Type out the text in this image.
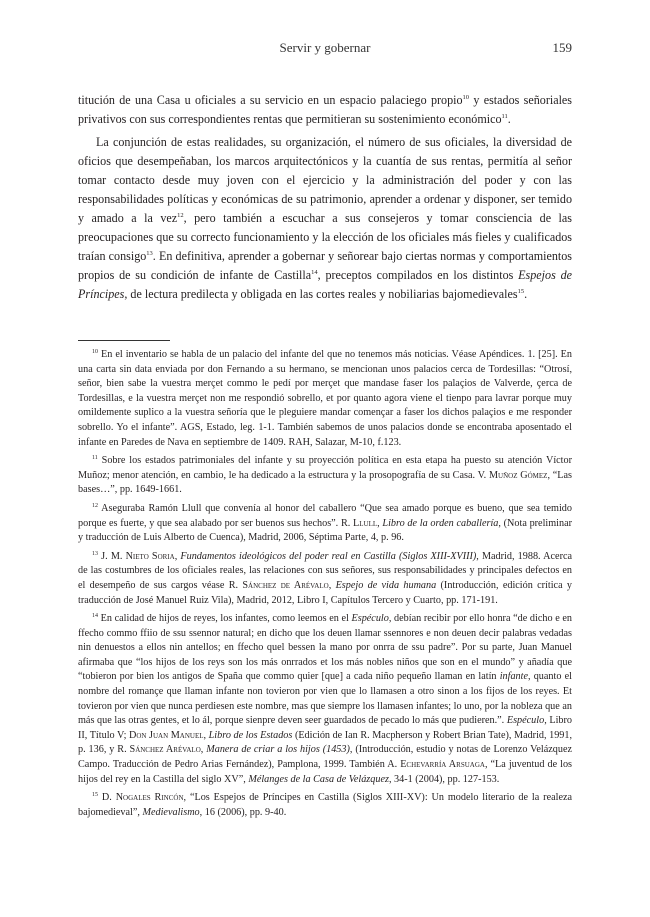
Servir y gobernar	159

titución de una Casa u oficiales a su servicio en un espacio palaciego propio$^{10}$ y estados señoriales privativos con sus correspondientes rentas que permitieran su sostenimiento económico$^{11}$.

La conjunción de estas realidades, su organización, el número de sus oficiales, la diversidad de oficios que desempeñaban, los marcos arquitectónicos y la cuantía de sus rentas, permitía al señor tomar contacto desde muy joven con el ejercicio y la administración del poder y con las responsabilidades políticas y económicas de su patrimonio, aprender a ordenar y disponer, ser temido y amado a la vez$^{12}$, pero también a escuchar a sus consejeros y tomar consciencia de las preocupaciones que su correcto funcionamiento y la elección de los oficiales más fieles y cualificados traían consigo$^{13}$. En definitiva, aprender a gobernar y señorear bajo ciertas normas y comportamientos propios de su condición de infante de Castilla$^{14}$, preceptos compilados en los distintos Espejos de Príncipes, de lectura predilecta y obligada en las cortes reales y nobiliarias bajomedievales$^{15}$.

$^{10}$ En el inventario se habla de un palacio del infante del que no tenemos más noticias. Véase Apéndices. 1. [25]. En una carta sin data enviada por don Fernando a su hermano, se mencionan unos palacios cerca de Tordesillas: “Otrosí, señor, bien sabe la vuestra merçet commo le pedí por merçet que mandase faser los palaçios de Valverde, çerca de Tordesillas, e la vuestra merçet non me respondió sobrello, et por quanto agora viene el tienpo para lavrar porque muy omildemente suplico a la vuestra señoría que le pleguiere mandar començar a faser los dichos palaçios e me responder sobrello. Yo el infante”. AGS, Estado, leg. 1-1. También sabemos de unos palacios donde se encontraba aposentado el infante en Paredes de Nava en septiembre de 1409. RAH, Salazar, M-10, f.123.

$^{11}$ Sobre los estados patrimoniales del infante y su proyección política en esta etapa ha puesto su atención Víctor Muñoz; menor atención, en cambio, le ha dedicado a la estructura y la prosopografía de su Casa. V. Muñoz Gómez, “Las bases…”, pp. 1649-1661.

$^{12}$ Aseguraba Ramón Llull que convenía al honor del caballero “Que sea amado porque es bueno, que sea temido porque es fuerte, y que sea alabado por ser buenos sus hechos”. R. Llull, Libro de la orden caballería, (Nota preliminar y traducción de Luis Alberto de Cuenca), Madrid, 2006, Séptima Parte, 4, p. 96.

$^{13}$ J. M. Nieto Soria, Fundamentos ideológicos del poder real en Castilla (Siglos XIII-XVIII), Madrid, 1988. Acerca de las costumbres de los oficiales reales, las relaciones con sus señores, sus responsabilidades y principales defectos en el desempeño de sus cargos véase R. Sánchez de Arévalo, Espejo de vida humana (Introducción, edición crítica y traducción de José Manuel Ruiz Vila), Madrid, 2012, Libro I, Capítulos Tercero y Cuarto, pp. 171-191.

$^{14}$ En calidad de hijos de reyes, los infantes, como leemos en el Espéculo, debían recibir por ello honra “de dicho e en ffecho commo ffiio de ssu ssennor natural; en dicho que los deuen llamar ssennores e non deuen decir palabras vedadas nin denuestos a ellos nin antellos; en ffecho quel bessen la mano por onrra de ssu padre”. Por su parte, Juan Manuel afirmaba que “los hijos de los reys son los más onrrados et los más nobles niños que son en el mundo” y añadía que “tobieron por bien los antigos de Spaña que commo quier [que] a cada niño pequeño llaman en latín infante, quanto el nombre del romançe que llaman infante non tovieron por vien que lo llamasen a otro sinon a los fijos de los reyes. Et tovieron por vien que nunca perdiesen este nombre, mas que siempre los llamasen infantes; lo uno, por la nobleza que an más que las otras gentes, et lo ál, porque sienpre deven seer guardados de pecado lo más que pudieren.”. Espéculo, Libro II, Título V; Don Juan Manuel, Libro de los Estados (Edición de Ian R. Macpherson y Robert Brian Tate), Madrid, 1991, p. 136, y R. Sánchez Arévalo, Manera de criar a los hijos (1453), (Introducción, estudio y notas de Lorenzo Velázquez Campo. Traducción de Pedro Arias Fernández), Pamplona, 1999. También A. Echevarría Arsuaga, “La juventud de los hijos del rey en la Castilla del siglo XV”, Mélanges de la Casa de Velázquez, 34-1 (2004), pp. 127-153.

$^{15}$ D. Nogales Rincón, “Los Espejos de Príncipes en Castilla (Siglos XIII-XV): Un modelo literario de la realeza bajomedieval”, Medievalismo, 16 (2006), pp. 9-40.
